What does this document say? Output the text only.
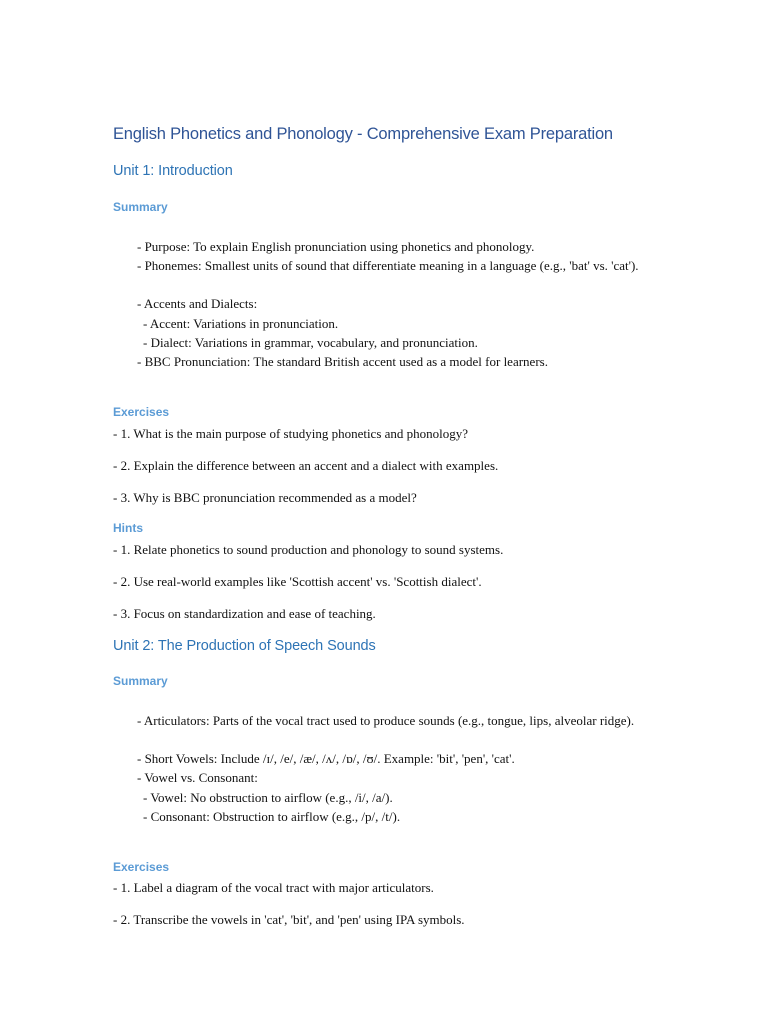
English Phonetics and Phonology - Comprehensive Exam Preparation
Unit 1: Introduction
Summary
- Purpose: To explain English pronunciation using phonetics and phonology.
- Phonemes: Smallest units of sound that differentiate meaning in a language (e.g., 'bat' vs. 'cat').
- Accents and Dialects:
- Accent: Variations in pronunciation.
- Dialect: Variations in grammar, vocabulary, and pronunciation.
- BBC Pronunciation: The standard British accent used as a model for learners.
Exercises
- 1. What is the main purpose of studying phonetics and phonology?
- 2. Explain the difference between an accent and a dialect with examples.
- 3. Why is BBC pronunciation recommended as a model?
Hints
- 1. Relate phonetics to sound production and phonology to sound systems.
- 2. Use real-world examples like 'Scottish accent' vs. 'Scottish dialect'.
- 3. Focus on standardization and ease of teaching.
Unit 2: The Production of Speech Sounds
Summary
- Articulators: Parts of the vocal tract used to produce sounds (e.g., tongue, lips, alveolar ridge).
- Short Vowels: Include /ɪ/, /e/, /æ/, /ʌ/, /ɒ/, /ʊ/. Example: 'bit', 'pen', 'cat'.
- Vowel vs. Consonant:
- Vowel: No obstruction to airflow (e.g., /i/, /a/).
- Consonant: Obstruction to airflow (e.g., /p/, /t/).
Exercises
- 1. Label a diagram of the vocal tract with major articulators.
- 2. Transcribe the vowels in 'cat', 'bit', and 'pen' using IPA symbols.
